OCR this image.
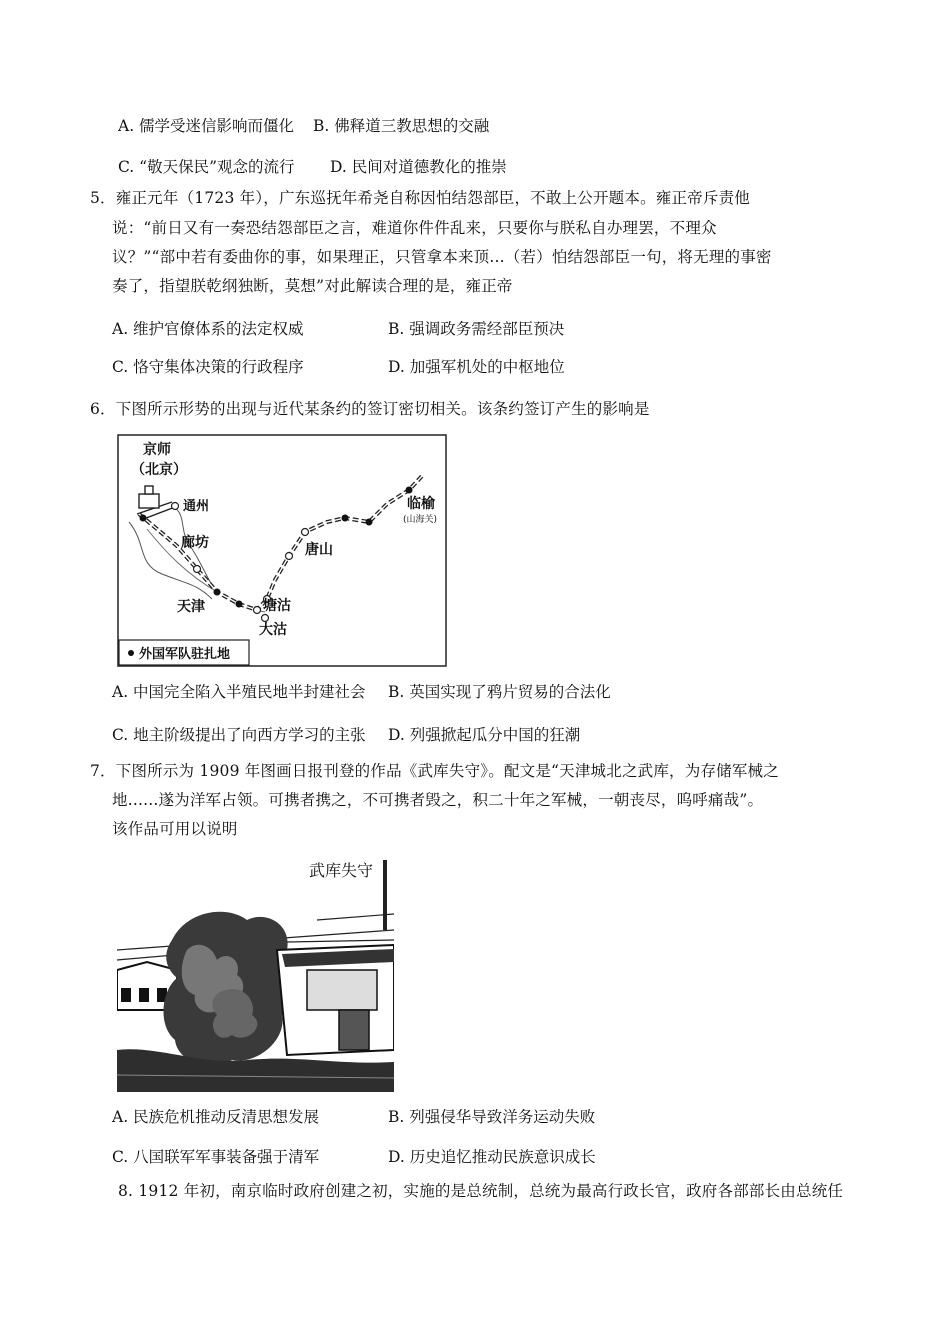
A. 儒学受迷信影响而僵化 B. 佛释道三教思想的交融
C. “敬天保民”观念的流行 D. 民间对道德教化的推崇
5．雍正元年（1723 年），广东巡抚年希尧自称因怕结怨部臣，不敢上公开题本。雍正帝斥责他
说：“前日又有一奏恐结怨部臣之言，难道你件件乱来，只要你与朕私自办理罢，不理众
议？”“部中若有委曲你的事，如果理正，只管拿本来顶...（若）怕结怨部臣一句，将无理的事密
奏了，指望朕乾纲独断，莫想”对此解读合理的是，雍正帝
A. 维护官僚体系的法定权威	B. 强调政务需经部臣预决
C. 恪守集体决策的行政程序	D. 加强军机处的中枢地位
6．下图所示形势的出现与近代某条约的签订密切相关。该条约签订产生的影响是
京师
（北京）
通州
廊坊
天津	塘沽
大沽
唐山
临榆
(山海关)
外国军队驻扎地
A. 中国完全陷入半殖民地半封建社会 B. 英国实现了鸦片贸易的合法化
C. 地主阶级提出了向西方学习的主张 D. 列强掀起瓜分中国的狂潮
7．下图所示为 1909 年图画日报刊登的作品《武库失守》。配文是“天津城北之武库，为存储军械之
地......遂为洋军占领。可携者携之，不可携者毁之，积二十年之军械，一朝丧尽，呜呼痛哉”。
该作品可用以说明
武库失守
A. 民族危机推动反清思想发展	B. 列强侵华导致洋务运动失败
C. 八国联军军事装备强于清军	D. 历史追忆推动民族意识成长
8. 1912 年初，南京临时政府创建之初，实施的是总统制，总统为最高行政长官，政府各部部长由总统任
